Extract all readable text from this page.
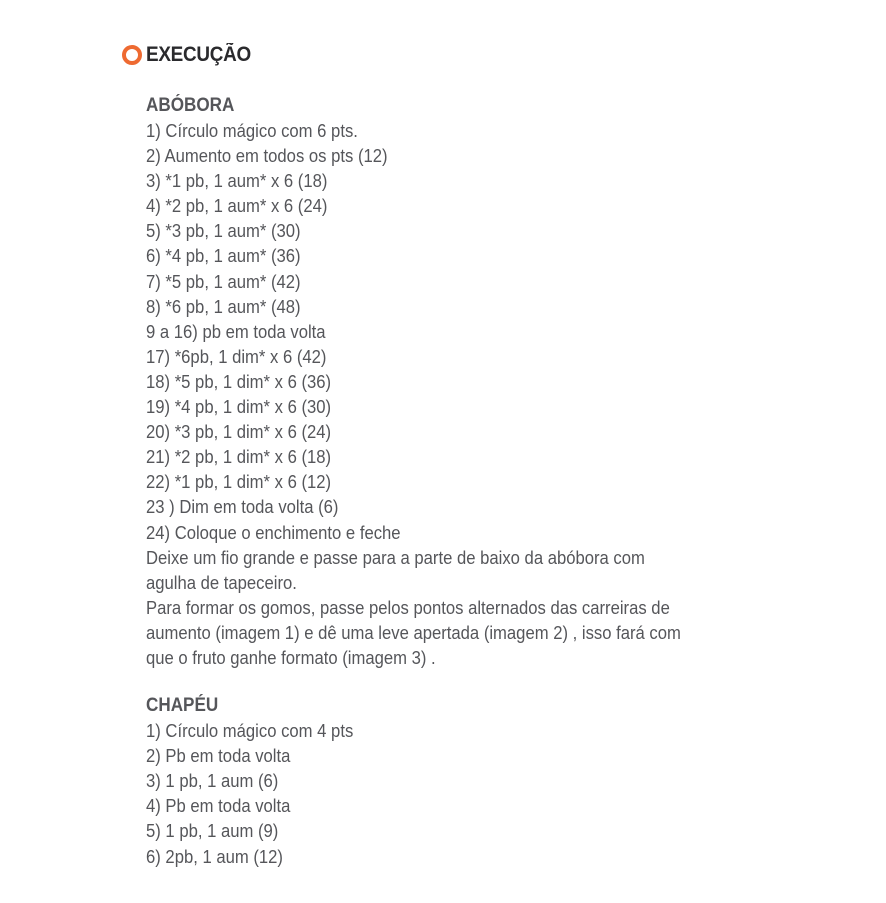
EXECUÇÃO
ABÓBORA
1) Círculo mágico com 6 pts.
2) Aumento em todos os pts (12)
3) *1 pb, 1 aum* x 6 (18)
4) *2 pb, 1 aum* x 6 (24)
5) *3 pb, 1 aum* (30)
6) *4 pb, 1 aum* (36)
7) *5 pb, 1 aum* (42)
8) *6 pb, 1 aum* (48)
9 a 16) pb em toda volta
17) *6pb, 1 dim* x 6 (42)
18) *5 pb, 1 dim* x 6 (36)
19) *4 pb, 1 dim* x 6 (30)
20) *3 pb, 1 dim* x 6 (24)
21) *2 pb, 1 dim* x 6 (18)
22) *1 pb, 1 dim* x 6 (12)
23 ) Dim em toda volta (6)
24) Coloque o enchimento e feche
Deixe um fio grande e passe para a parte de baixo da abóbora com
agulha de tapeceiro.
Para formar os gomos, passe pelos pontos alternados das carreiras de
aumento (imagem 1) e dê uma leve apertada (imagem 2) , isso fará com
que o fruto ganhe formato (imagem 3) .
CHAPÉU
1) Círculo mágico com 4 pts
2) Pb em toda volta
3) 1 pb, 1 aum (6)
4) Pb em toda volta
5) 1 pb, 1 aum (9)
6) 2pb, 1 aum (12)
